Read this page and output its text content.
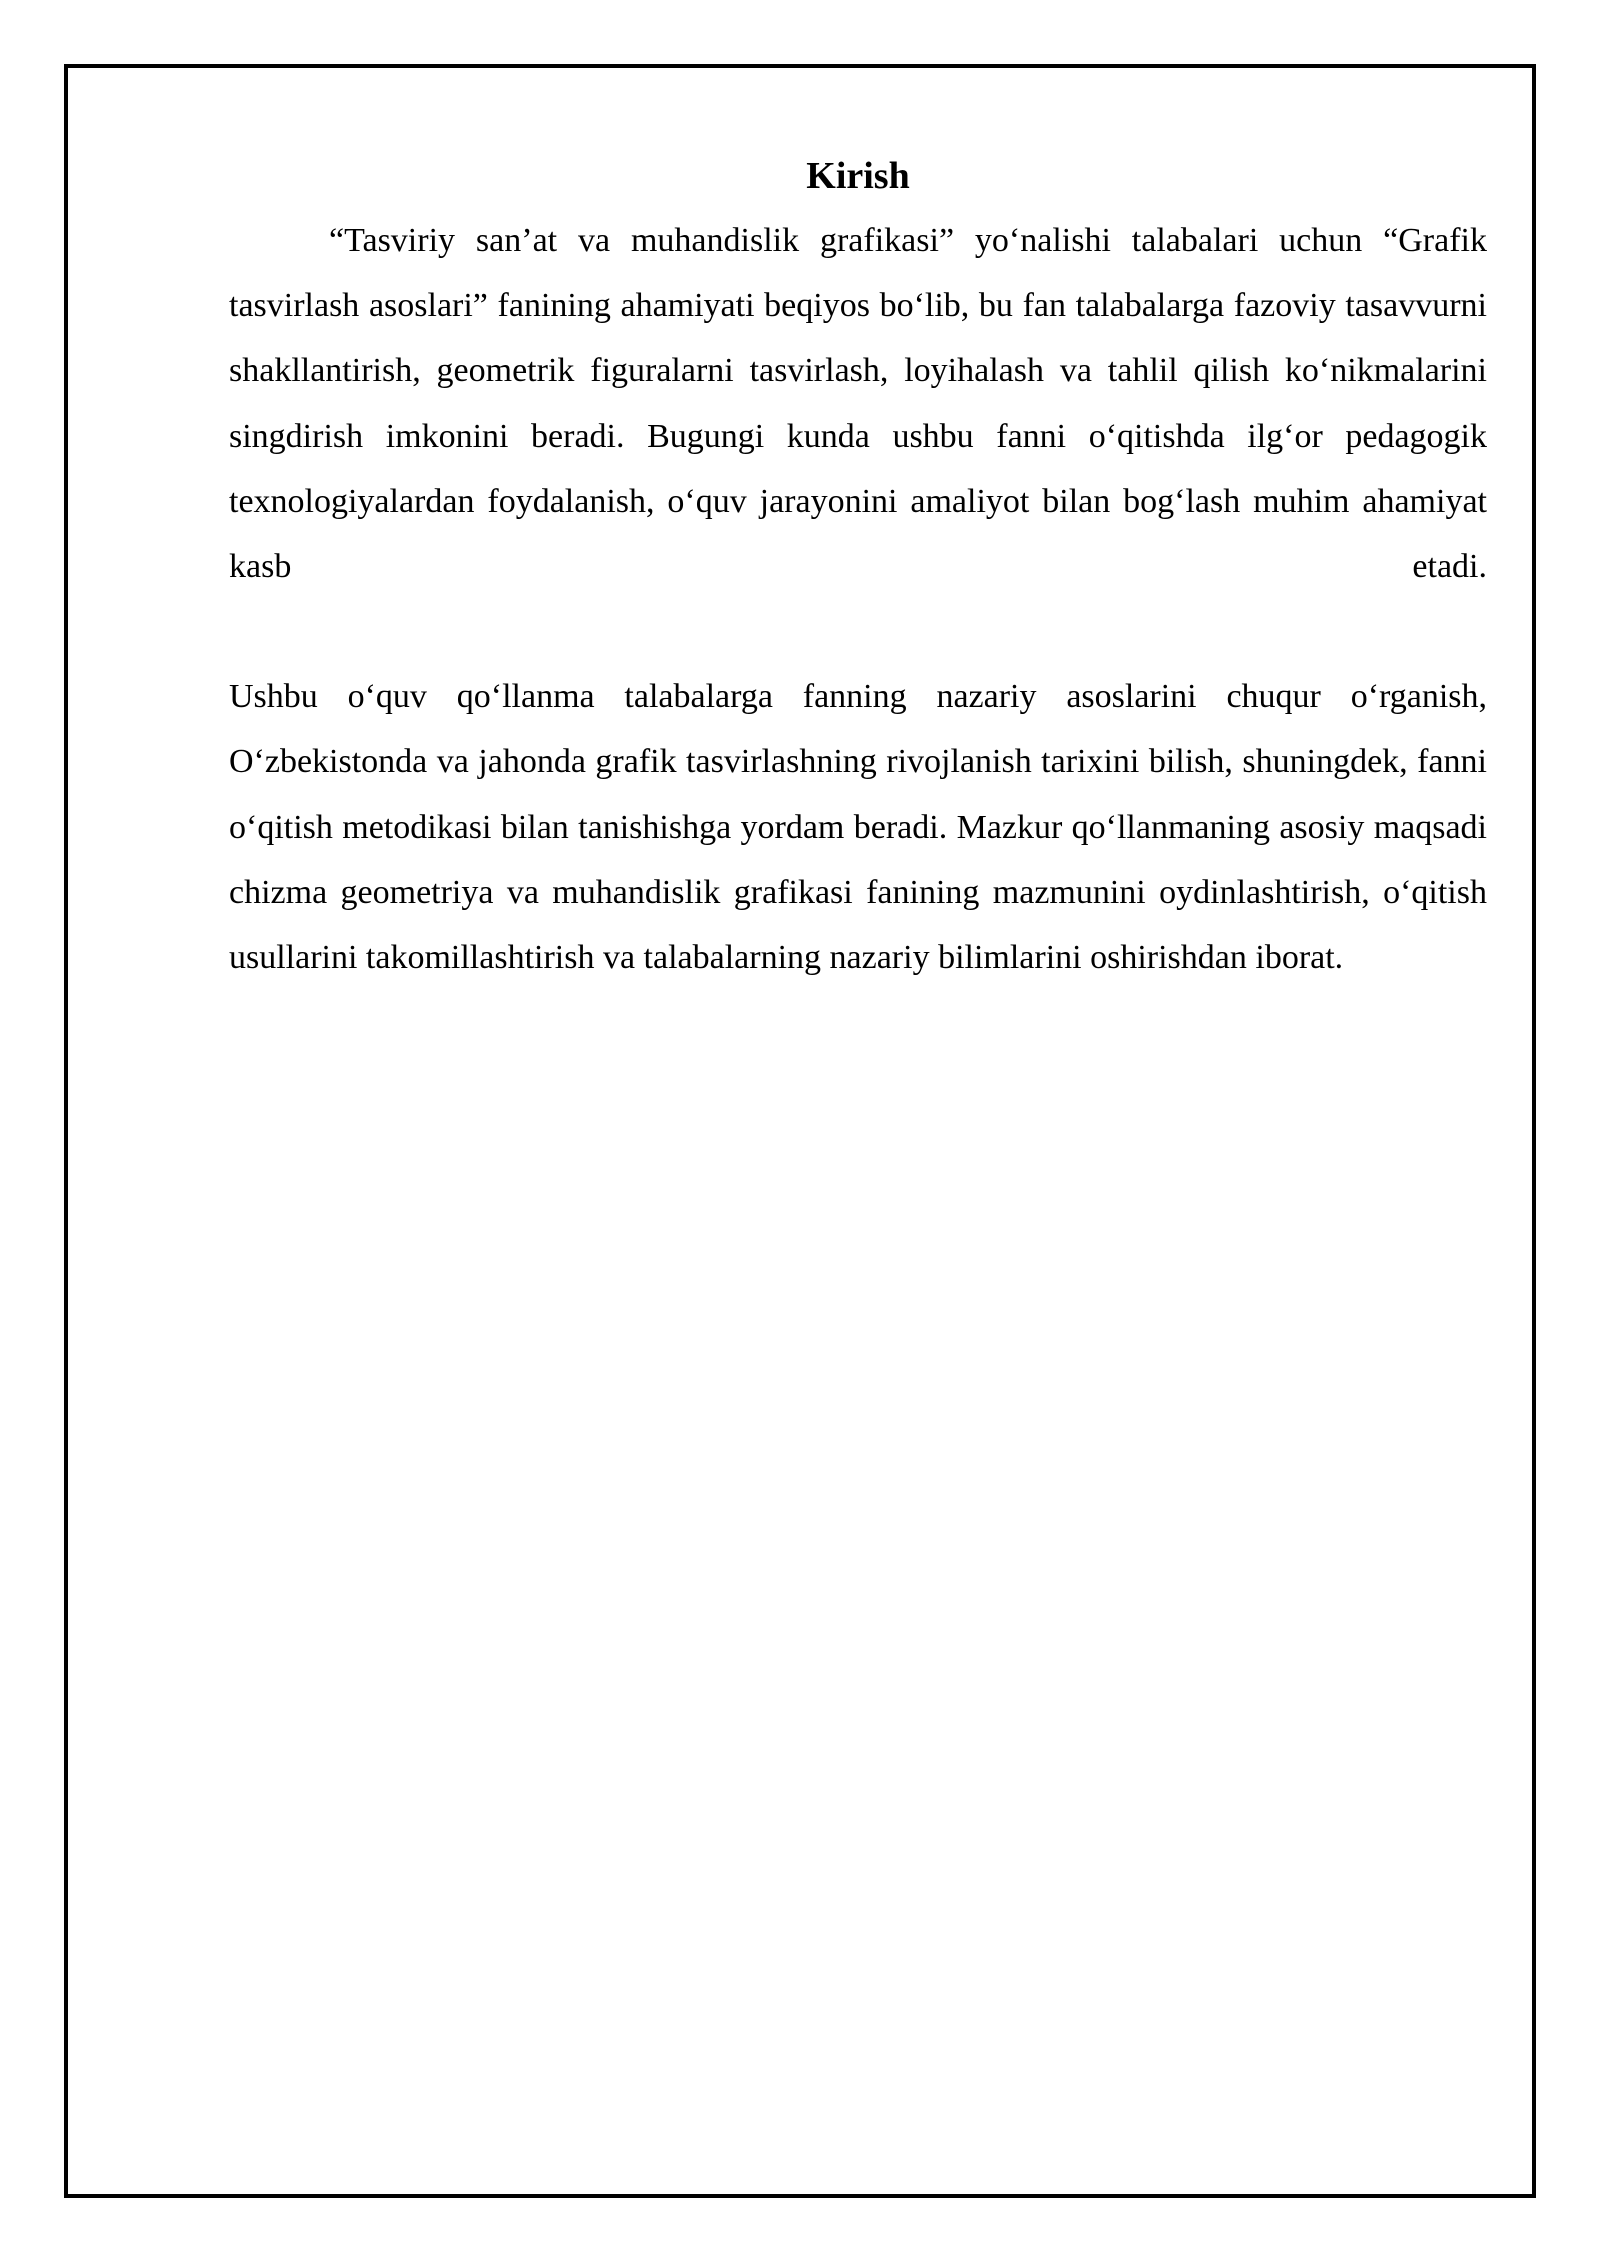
Kirish

“Tasviriy san’at va muhandislik grafikasi” yo‘nalishi talabalari uchun “Grafik tasvirlash asoslari” fanining ahamiyati beqiyos bo‘lib, bu fan talabalarga fazoviy tasavvurni shakllantirish, geometrik figuralarni tasvirlash, loyihalash va tahlil qilish ko‘nikmalarini singdirish imkonini beradi. Bugungi kunda ushbu fanni o‘qitishda ilg‘or pedagogik texnologiyalardan foydalanish, o‘quv jarayonini amaliyot bilan bog‘lash muhim ahamiyat kasb etadi.

Ushbu o‘quv qo‘llanma talabalarga fanning nazariy asoslarini chuqur o‘rganish, O‘zbekistonda va jahonda grafik tasvirlashning rivojlanish tarixini bilish, shuningdek, fanni o‘qitish metodikasi bilan tanishishga yordam beradi. Mazkur qo‘llanmaning asosiy maqsadi chizma geometriya va muhandislik grafikasi fanining mazmunini oydinlashtirish, o‘qitish usullarini takomillashtirish va talabalarning nazariy bilimlarini oshirishdan iborat.
